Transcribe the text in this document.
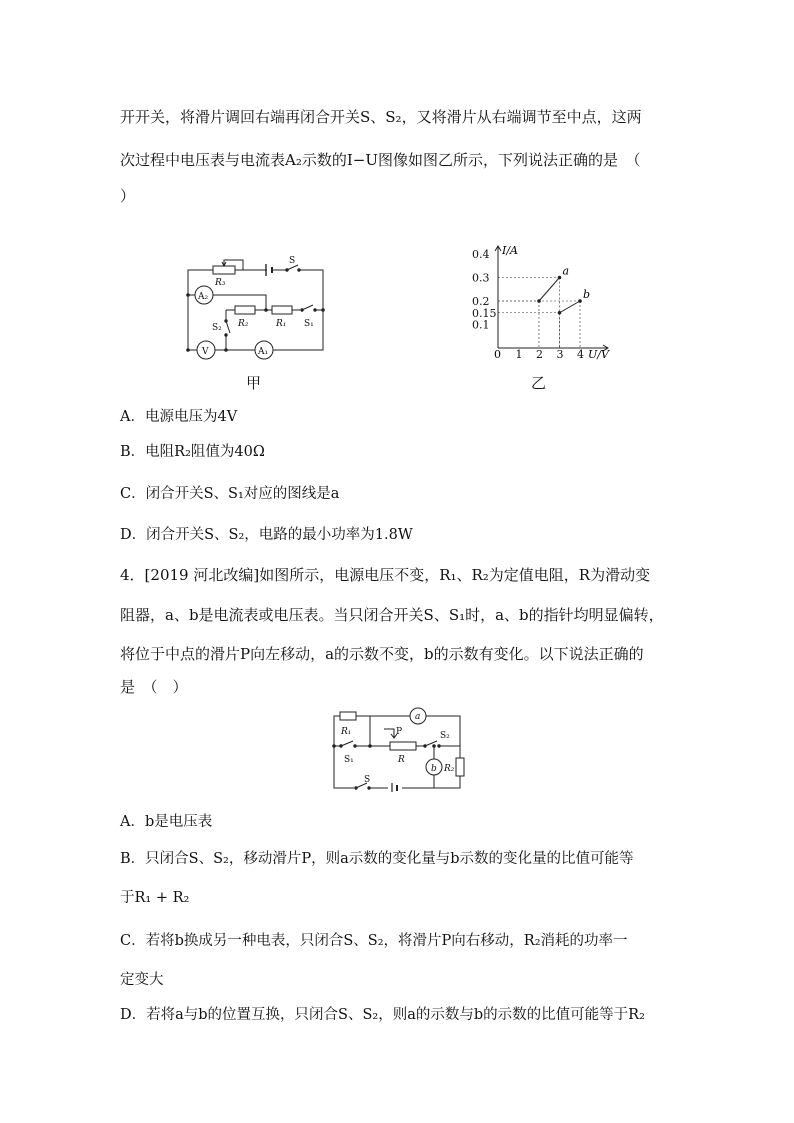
开开关，将滑片调回右端再闭合开关S、S₂，又将滑片从右端调节至中点，这两
次过程中电压表与电流表A₂示数的I−U图像如图乙所示，下列说法正确的是　（
）
R₃
S
A₂
R₂	R₁ S₁
S₂
V	A₁	1 2 3 4
0.1
0.15
0.2
0.3
0.4 I/A
U/V
0
a
b
甲	乙
A．电源电压为4V
B．电阻R₂阻值为40Ω
C．闭合开关S、S₁对应的图线是a
D．闭合开关S、S₂，电路的最小功率为1.8W
4．[2019 河北改编]如图所示，电源电压不变，R₁、R₂为定值电阻，R为滑动变
阻器，a、b是电流表或电压表。当只闭合开关S、S₁时，a、b的指针均明显偏转，
将位于中点的滑片P向左移动，a的示数不变，b的示数有变化。以下说法正确的
是　（　）
R₁
a
S₁
P
R
S₂
b R₂
S
A．b是电压表
B．只闭合S、S₂，移动滑片P，则a示数的变化量与b示数的变化量的比值可能等
于R₁ + R₂
C．若将b换成另一种电表，只闭合S、S₂，将滑片P向右移动，R₂消耗的功率一
定变大
D．若将a与b的位置互换，只闭合S、S₂，则a的示数与b的示数的比值可能等于R₂
